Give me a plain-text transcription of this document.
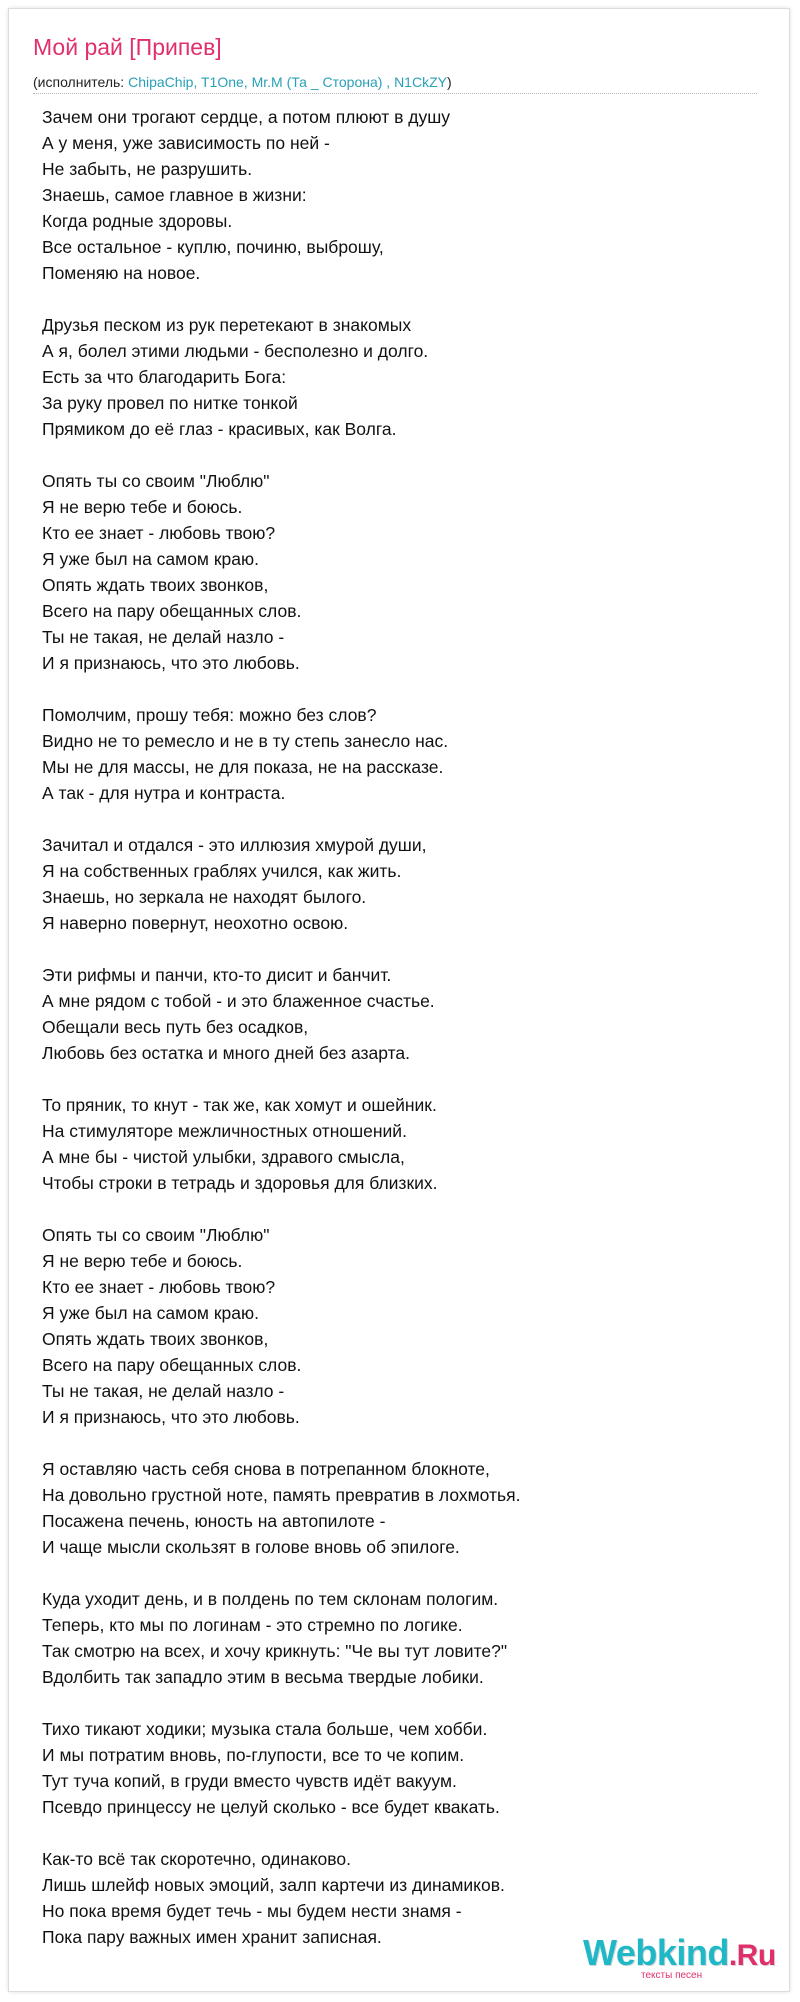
Мой рай [Припев]
(исполнитель: ChipaChip, T1One, Mr.M (Та _ Сторона) , N1CkZY)
Зачем они трогают сердце, а потом плюют в душу
А у меня, уже зависимость по ней -
Не забыть, не разрушить.
Знаешь, самое главное в жизни:
Когда родные здоровы.
Все остальное - куплю, починю, выброшу,
Поменяю на новое.
Друзья песком из рук перетекают в знакомых
А я, болел этими людьми - бесполезно и долго.
Есть за что благодарить Бога:
За руку провел по нитке тонкой
Прямиком до её глаз - красивых, как Волга.
Опять ты со своим "Люблю"
Я не верю тебе и боюсь.
Кто ее знает - любовь твою?
Я уже был на самом краю.
Опять ждать твоих звонков,
Всего на пару обещанных слов.
Ты не такая, не делай назло -
И я признаюсь, что это любовь.
Помолчим, прошу тебя: можно без слов?
Видно не то ремесло и не в ту степь занесло нас.
Мы не для массы, не для показа, не на рассказе.
А так - для нутра и контраста.
Зачитал и отдался - это иллюзия хмурой души,
Я на собственных граблях учился, как жить.
Знаешь, но зеркала не находят былого.
Я наверно повернут, неохотно освою.
Эти рифмы и панчи, кто-то дисит и банчит.
А мне рядом с тобой - и это блаженное счастье.
Обещали весь путь без осадков,
Любовь без остатка и много дней без азарта.
То пряник, то кнут - так же, как хомут и ошейник.
На стимуляторе межличностных отношений.
А мне бы - чистой улыбки, здравого смысла,
Чтобы строки в тетрадь и здоровья для близких.
Опять ты со своим "Люблю"
Я не верю тебе и боюсь.
Кто ее знает - любовь твою?
Я уже был на самом краю.
Опять ждать твоих звонков,
Всего на пару обещанных слов.
Ты не такая, не делай назло -
И я признаюсь, что это любовь.
Я оставляю часть себя снова в потрепанном блокноте,
На довольно грустной ноте, память превратив в лохмотья.
Посажена печень, юность на автопилоте -
И чаще мысли скользят в голове вновь об эпилоге.
Куда уходит день, и в полдень по тем склонам пологим.
Теперь, кто мы по логинам - это стремно по логике.
Так смотрю на всех, и хочу крикнуть: "Че вы тут ловите?"
Вдолбить так западло этим в весьма твердые лобики.
Тихо тикают ходики; музыка стала больше, чем хобби.
И мы потратим вновь, по-глупости, все то че копим.
Тут туча копий, в груди вместо чувств идёт вакуум.
Псевдо принцессу не целуй сколько - все будет квакать.
Как-то всё так скоротечно, одинаково.
Лишь шлейф новых эмоций, залп картечи из динамиков.
Но пока время будет течь - мы будем нести знамя -
Пока пару важных имен хранит записная.	Webkind.Ru
тексты песен
